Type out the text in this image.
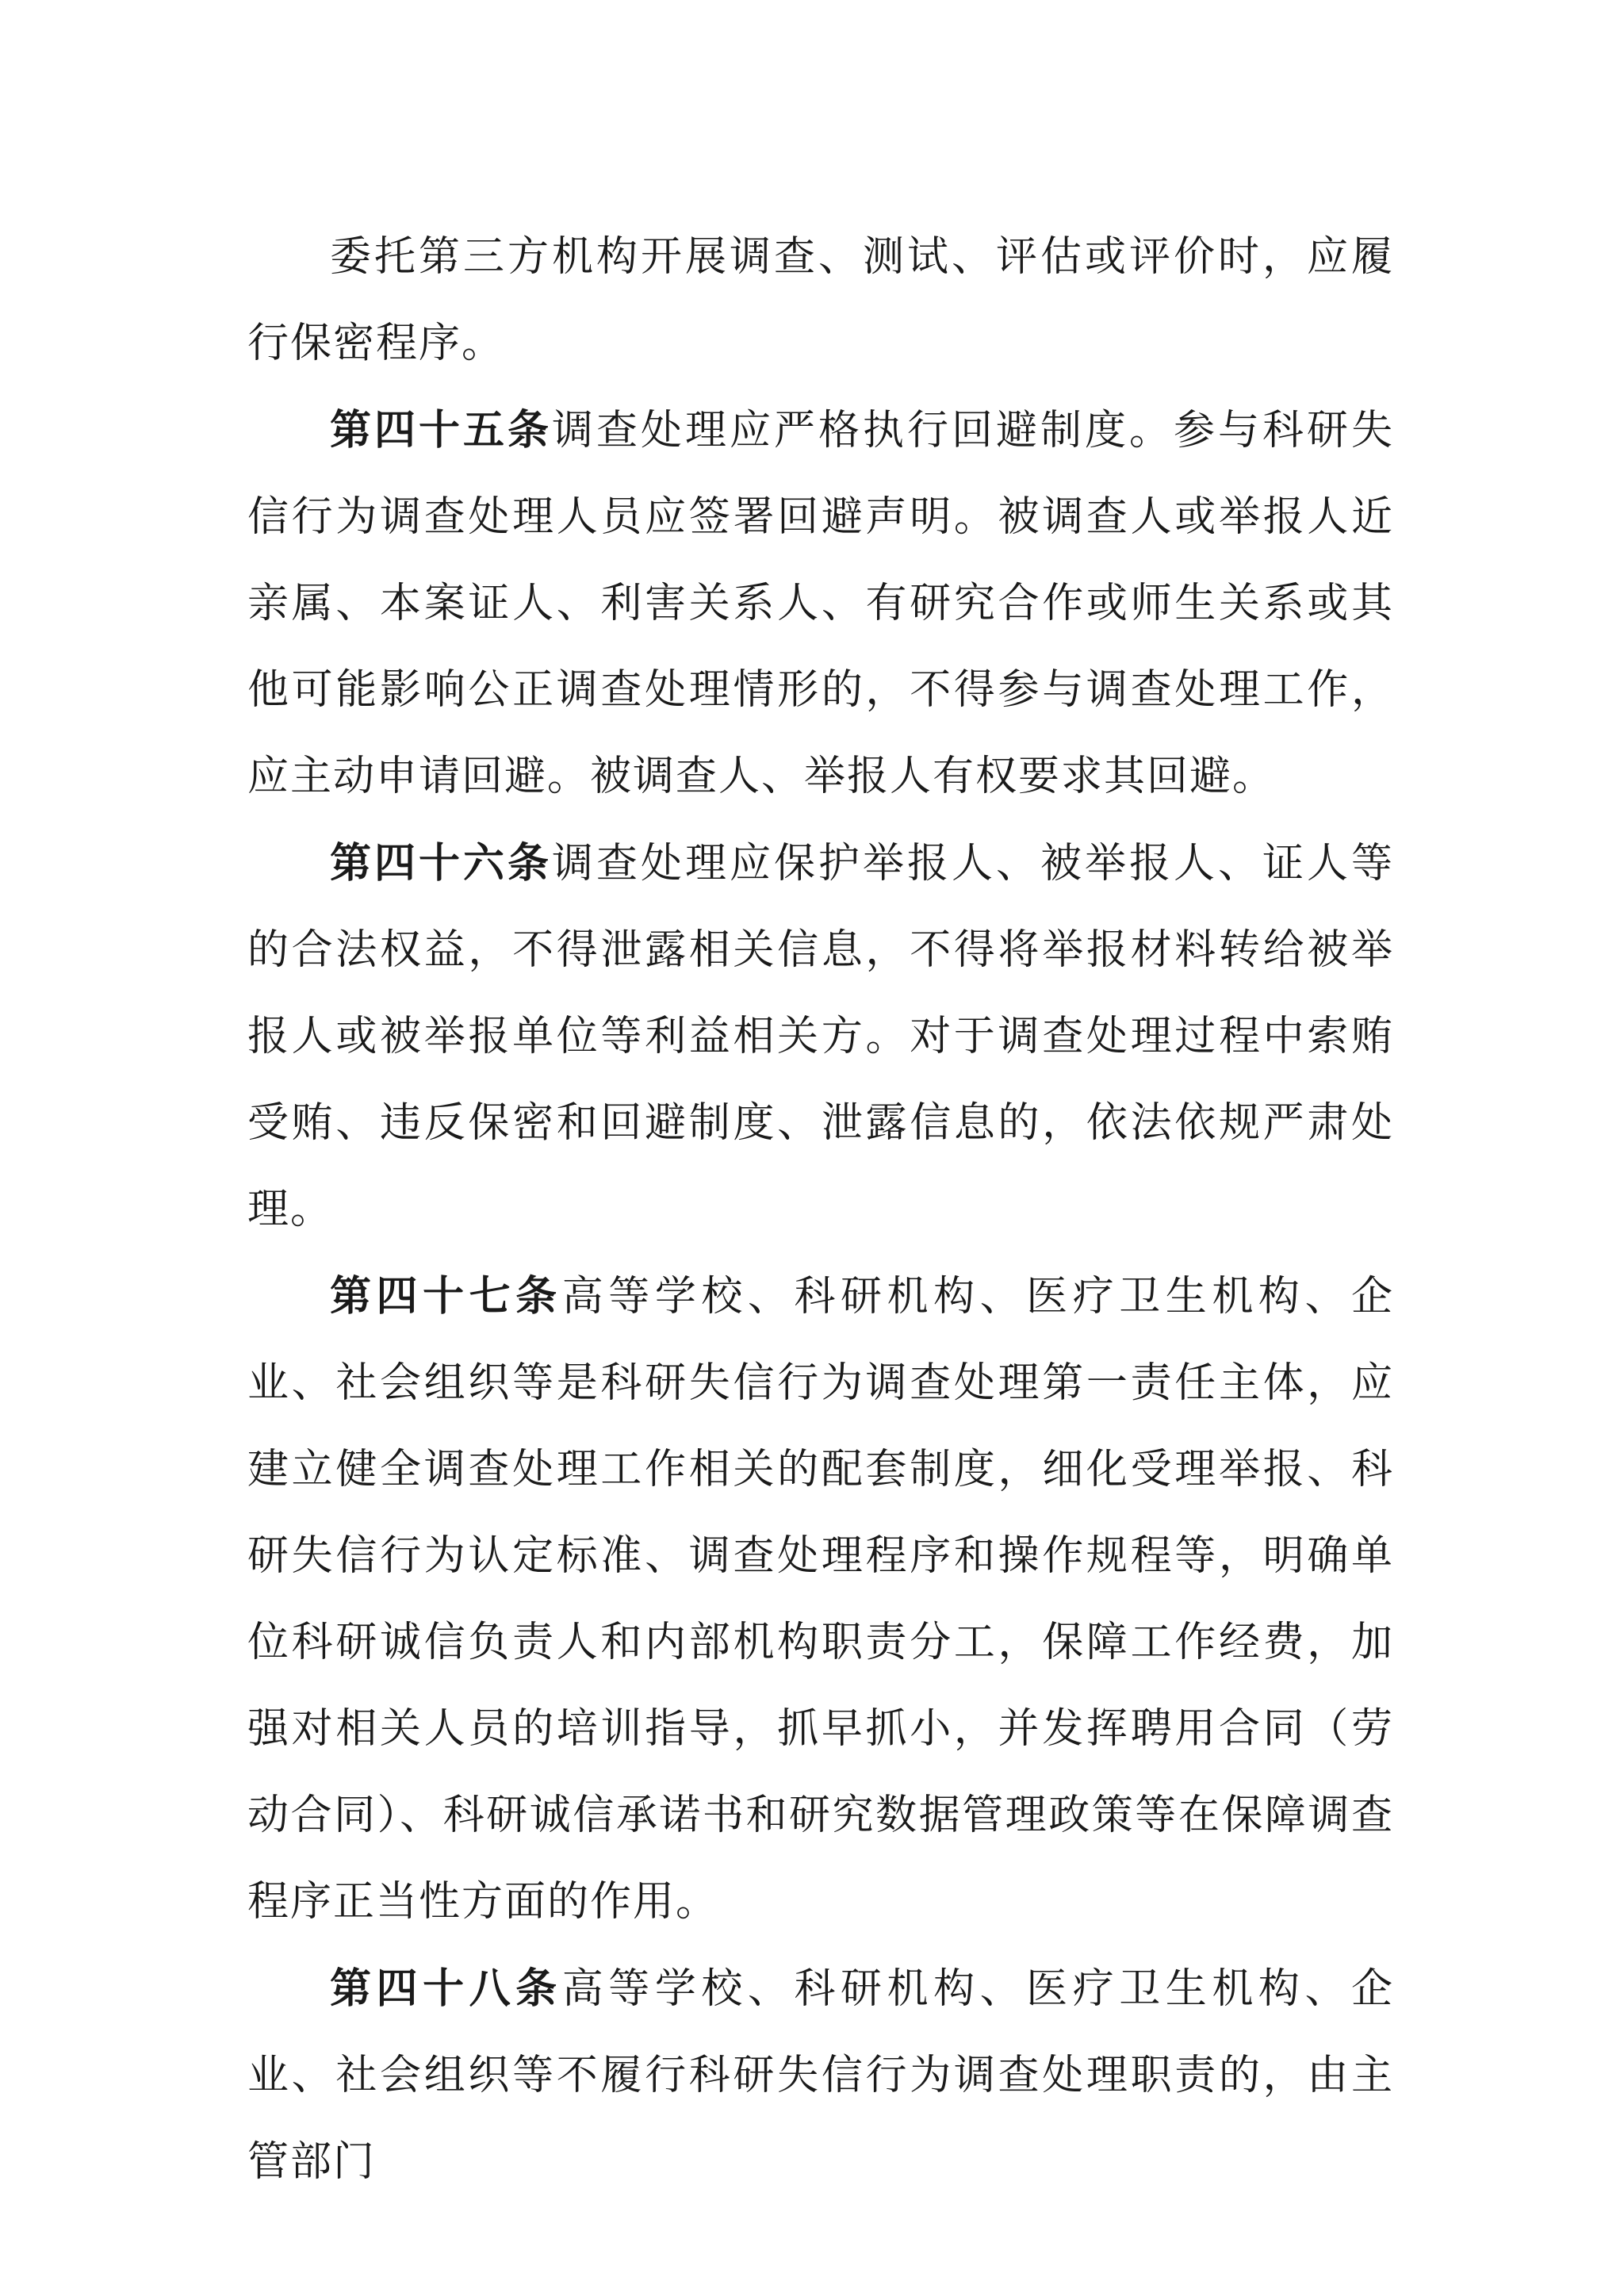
委托第三方机构开展调查、测试、评估或评价时，应履行保密程序。

第四十五条调查处理应严格执行回避制度。参与科研失信行为调查处理人员应签署回避声明。被调查人或举报人近亲属、本案证人、利害关系人、有研究合作或师生关系或其他可能影响公正调查处理情形的，不得参与调查处理工作，应主动申请回避。被调查人、举报人有权要求其回避。

第四十六条调查处理应保护举报人、被举报人、证人等的合法权益，不得泄露相关信息，不得将举报材料转给被举报人或被举报单位等利益相关方。对于调查处理过程中索贿受贿、违反保密和回避制度、泄露信息的，依法依规严肃处理。

第四十七条高等学校、科研机构、医疗卫生机构、企业、社会组织等是科研失信行为调查处理第一责任主体，应建立健全调查处理工作相关的配套制度，细化受理举报、科研失信行为认定标准、调查处理程序和操作规程等，明确单位科研诚信负责人和内部机构职责分工，保障工作经费，加强对相关人员的培训指导，抓早抓小，并发挥聘用合同（劳动合同）、科研诚信承诺书和研究数据管理政策等在保障调查程序正当性方面的作用。

第四十八条高等学校、科研机构、医疗卫生机构、企业、社会组织等不履行科研失信行为调查处理职责的，由主管部门
